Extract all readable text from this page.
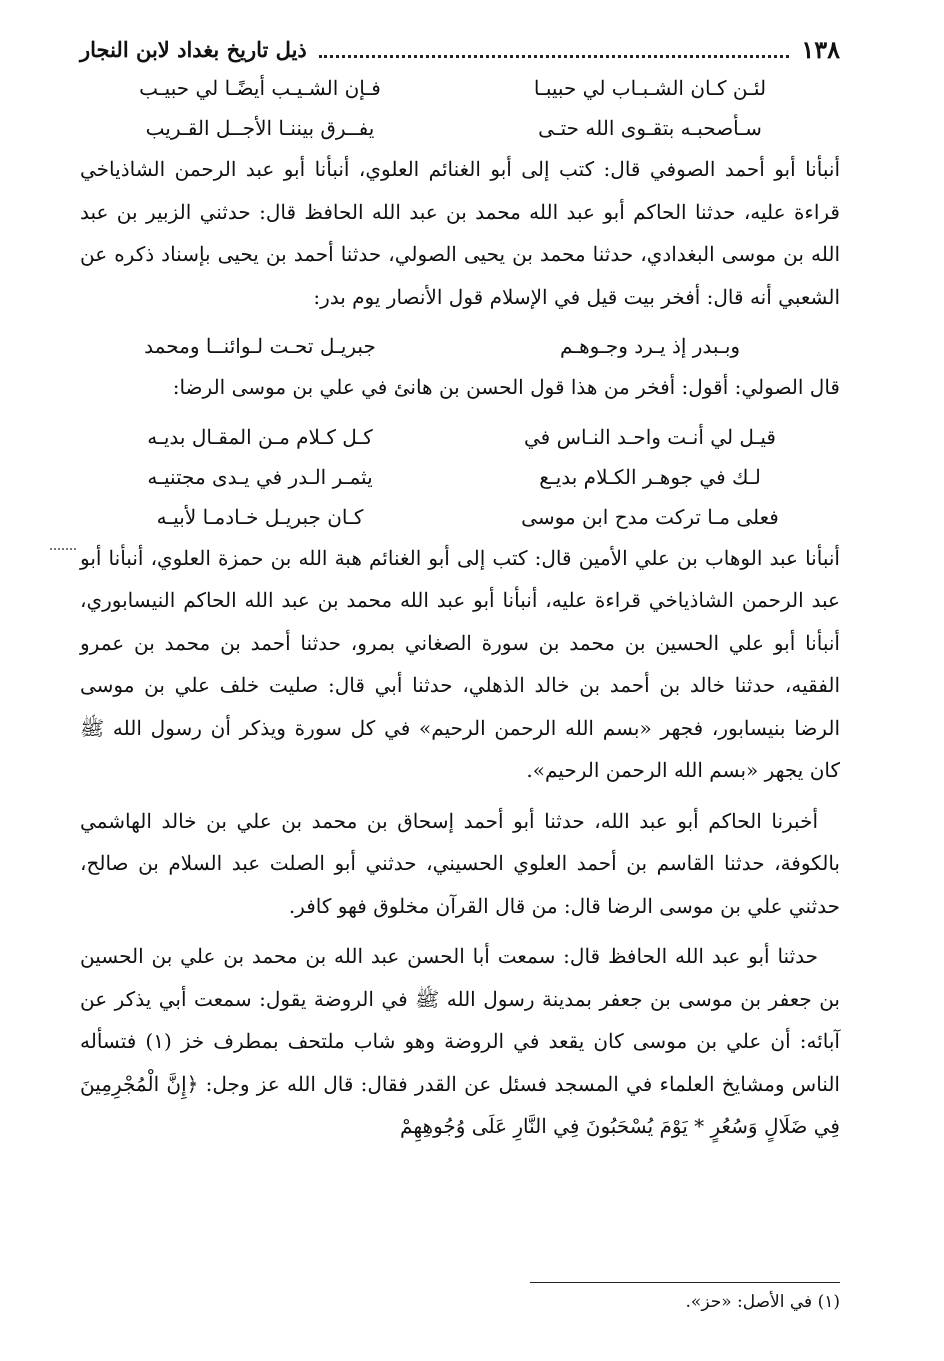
١٣٨
ذيل تاريخ بغداد لابن النجار
لئـن كـان الشـبـاب لي حبيبـا
فـإن الشـيـب أيضًـا لي حبيـب
سـأصحبـه بتقـوى الله حتـى
يفــرق بيننـا الأجــل القـريب

أنبأنا أبو أحمد الصوفي قال: كتب إلى أبو الغنائم العلوي، أنبأنا أبو عبد الرحمن الشاذياخي قراءة عليه، حدثنا الحاكم أبو عبد الله محمد بن عبد الله الحافظ قال: حدثني الزبير بن عبد الله بن موسى البغدادي، حدثنا محمد بن يحيى الصولي، حدثنا أحمد بن يحيى بإسناد ذكره عن الشعبي أنه قال: أفخر بيت قيل في الإسلام قول الأنصار يوم بدر:

وبـبدر إذ يـرد وجـوهـم
جبريـل تحـت لـوائنــا ومحمد

قال الصولي: أقول: أفخر من هذا قول الحسن بن هانئ في علي بن موسى الرضا:

قيـل لي أنـت واحـد النـاس في
كـل كـلام مـن المقـال بديـه
لـك في جوهـر الكـلام بديـع
يثمـر الـدر في يـدى مجتنيـه
فعلى مـا تركت مدح ابن موسى
كـان جبريـل خـادمـا لأبيـه

أنبأنا عبد الوهاب بن علي الأمين قال: كتب إلى أبو الغنائم هبة الله بن حمزة العلوي، أنبأنا أبو عبد الرحمن الشاذياخي قراءة عليه، أنبأنا أبو عبد الله محمد بن عبد الله الحاكم النيسابوري، أنبأنا أبو علي الحسين بن محمد بن سورة الصغاني بمرو، حدثنا أحمد بن محمد بن عمرو الفقيه، حدثنا خالد بن أحمد بن خالد الذهلي، حدثنا أبي قال: صليت خلف علي بن موسى الرضا بنيسابور، فجهر «بسم الله الرحمن الرحيم» في كل سورة ويذكر أن رسول الله ﷺ كان يجهر «بسم الله الرحمن الرحيم».

أخبرنا الحاكم أبو عبد الله، حدثنا أبو أحمد إسحاق بن محمد بن علي بن خالد الهاشمي بالكوفة، حدثنا القاسم بن أحمد العلوي الحسيني، حدثني أبو الصلت عبد السلام بن صالح، حدثني علي بن موسى الرضا قال: من قال القرآن مخلوق فهو كافر.

حدثنا أبو عبد الله الحافظ قال: سمعت أبا الحسن عبد الله بن محمد بن علي بن الحسين بن جعفر بن موسى بن جعفر بمدينة رسول الله ﷺ في الروضة يقول: سمعت أبي يذكر عن آبائه: أن علي بن موسى كان يقعد في الروضة وهو شاب ملتحف بمطرف خز (١) فتسأله الناس ومشايخ العلماء في المسجد فسئل عن القدر فقال: قال الله عز وجل: ﴿إِنَّ الْمُجْرِمِينَ فِي ضَلَالٍ وَسُعُرٍ * يَوْمَ يُسْحَبُونَ فِي النَّارِ عَلَى وُجُوهِهِمْ

(١) في الأصل: «حز».
